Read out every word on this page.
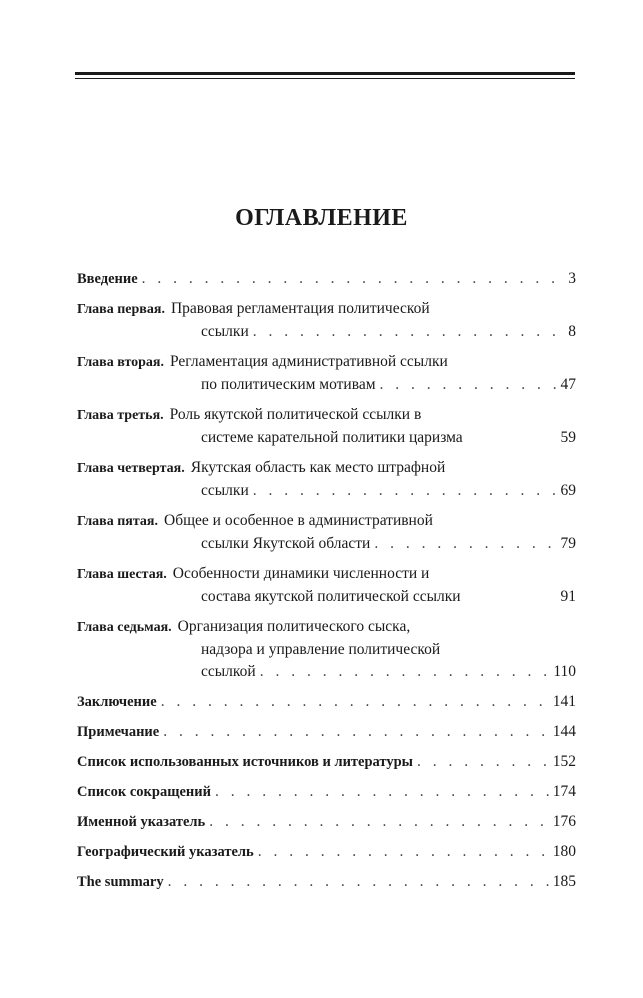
ОГЛАВЛЕНИЕ
Введение . . .	3
Глава первая. Правовая регламентация политической
ссылки . . .	8
Глава вторая. Регламентация административной ссылки
по политическим мотивам . . .	47
Глава третья. Роль якутской политической ссылки в
системе карательной политики царизма	59
Глава четвертая. Якутская область как место штрафной
ссылки . . .	69
Глава пятая. Общее и особенное в административной
ссылки Якутской области . . .	79
Глава шестая. Особенности динамики численности и
состава якутской политической ссылки	91
Глава седьмая. Организация политического сыска,
надзора и управление политической
ссылкой . . .	110
Заключение . . .	141
Примечание . . .	144
Список использованных источников и литературы . . .	152
Список сокращений . . .	174
Именной указатель . . .	176
Географический указатель . . .	180
The summary . . .	185
